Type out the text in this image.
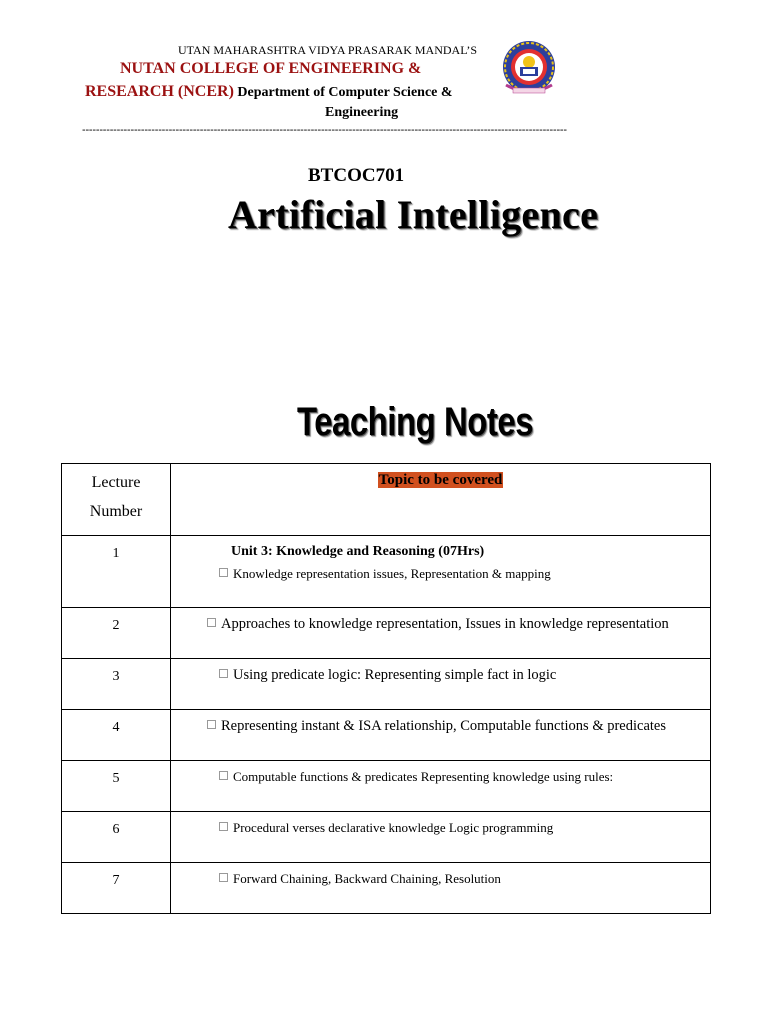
UTAN MAHARASHTRA VIDYA PRASARAK MANDAL’S
NUTAN COLLEGE OF ENGINEERING &
RESEARCH (NCER) Department of Computer Science &
Engineering
--------------------------------------------------------------------------------------------------------------------------------------------
BTCOC701
Artificial Intelligence
Teaching Notes
Lecture
Number	Topic to be covered
1	Unit 3: Knowledge and Reasoning (07Hrs)
Knowledge representation issues, Representation & mapping

2	Approaches to knowledge representation, Issues in knowledge representation
3	Using predicate logic: Representing simple fact in logic
4	Representing instant & ISA relationship, Computable functions & predicates
5	Computable functions & predicates Representing knowledge using rules:
6	Procedural verses declarative knowledge Logic programming
7	Forward Chaining, Backward Chaining, Resolution
